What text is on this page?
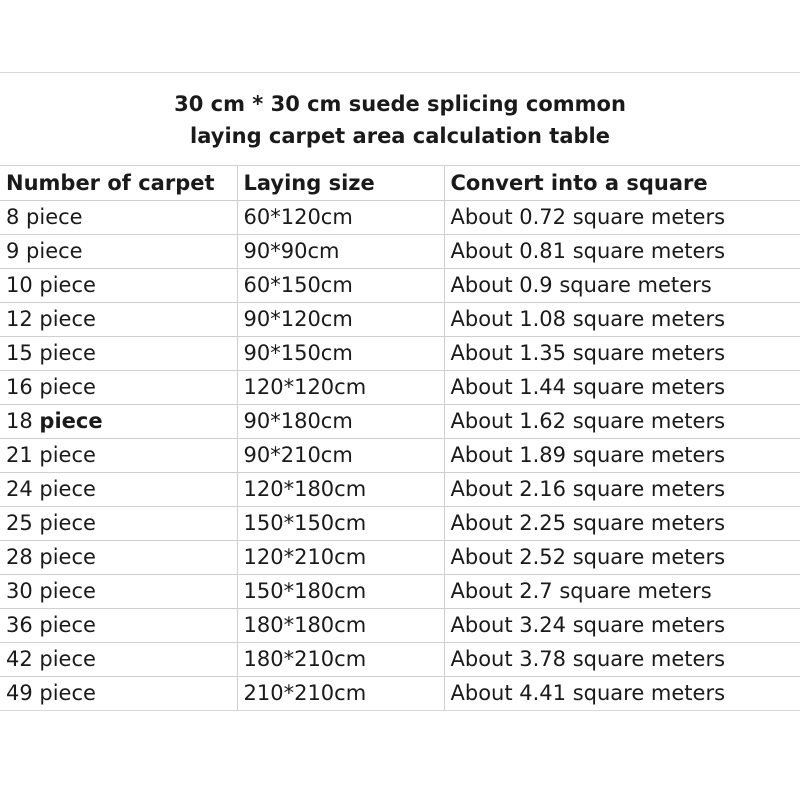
30 cm * 30 cm suede splicing common
laying carpet area calculation table		

Number of carpet	Laying size	Convert into a square
8 piece	60*120cm	About 0.72 square meters
9 piece	90*90cm	About 0.81 square meters
10 piece	60*150cm	About 0.9 square meters
12 piece	90*120cm	About 1.08 square meters
15 piece	90*150cm	About 1.35 square meters
16 piece	120*120cm	About 1.44 square meters
18 piece	90*180cm	About 1.62 square meters
21 piece	90*210cm	About 1.89 square meters
24 piece	120*180cm	About 2.16 square meters
25 piece	150*150cm	About 2.25 square meters
28 piece	120*210cm	About 2.52 square meters
30 piece	150*180cm	About 2.7 square meters
36 piece	180*180cm	About 3.24 square meters
42 piece	180*210cm	About 3.78 square meters
49 piece	210*210cm	About 4.41 square meters
